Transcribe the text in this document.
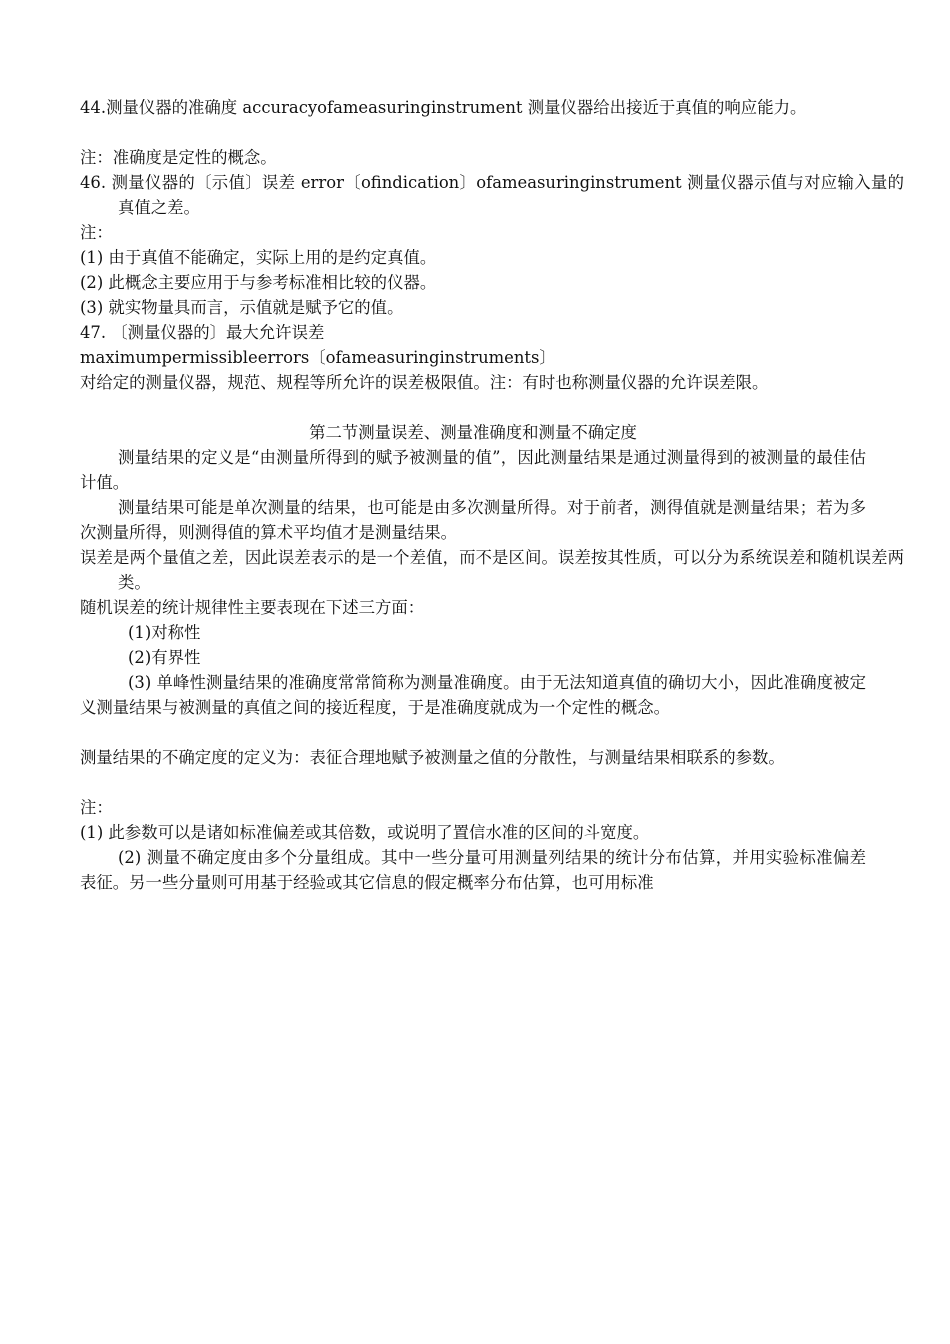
44.测量仪器的准确度 accuracyofameasuringinstrument 测量仪器给出接近于真值的响应能力。

注：准确度是定性的概念。

46. 测量仪器的〔示值〕误差 error〔ofindication〕ofameasuringinstrument 测量仪器示值与对应输入量的真值之差。

注：

(1) 由于真值不能确定，实际上用的是约定真值。

(2) 此概念主要应用于与参考标准相比较的仪器。

(3) 就实物量具而言，示值就是赋予它的值。

47. 〔测量仪器的〕最大允许误差

maximumpermissibleerrors〔ofameasuringinstruments〕

对给定的测量仪器，规范、规程等所允许的误差极限值。注：有时也称测量仪器的允许误差限。

第二节测量误差、测量准确度和测量不确定度

测量结果的定义是“由测量所得到的赋予被测量的值”，因此测量结果是通过测量得到的被测量的最佳估计值。

测量结果可能是单次测量的结果，也可能是由多次测量所得。对于前者，测得值就是测量结果；若为多次测量所得，则测得值的算术平均值才是测量结果。

误差是两个量值之差，因此误差表示的是一个差值，而不是区间。误差按其性质，可以分为系统误差和随机误差两类。

随机误差的统计规律性主要表现在下述三方面：

(1)对称性

(2)有界性

(3) 单峰性测量结果的准确度常常简称为测量准确度。由于无法知道真值的确切大小，因此准确度被定义测量结果与被测量的真值之间的接近程度，于是准确度就成为一个定性的概念。

测量结果的不确定度的定义为：表征合理地赋予被测量之值的分散性，与测量结果相联系的参数。

注：

(1) 此参数可以是诸如标准偏差或其倍数，或说明了置信水准的区间的斗宽度。

(2) 测量不确定度由多个分量组成。其中一些分量可用测量列结果的统计分布估算，并用实验标准偏差表征。另一些分量则可用基于经验或其它信息的假定概率分布估算，也可用标准
